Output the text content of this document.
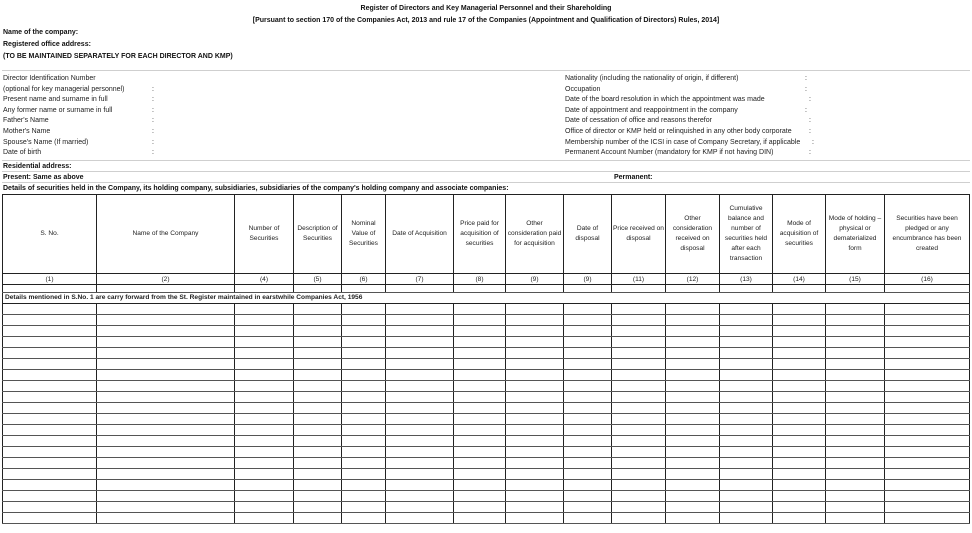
Register of Directors and Key Managerial Personnel and their Shareholding
[Pursuant to section 170 of the Companies Act, 2013 and rule 17 of the Companies (Appointment and Qualification of Directors) Rules, 2014]
Name of the company:
Registered office address:
(TO BE MAINTAINED SEPARATELY FOR EACH DIRECTOR AND KMP)
Director Identification Number
(optional for key managerial personnel)	:
Present name and surname in full	:
Any former name or surname in full	:
Father's Name	:
Mother's Name	:
Spouse's Name (If married)	:
Date of birth	:
Nationality (including the nationality of origin, if different)	:
Occupation	:
Date of the board resolution in which the appointment was made	:
Date of appointment and reappointment in the company	:
Date of cessation of office and reasons therefor	:
Office of director or KMP held or relinquished in any other body corporate :
Membership number of the ICSI in case of Company Secretary, if applicable :
Permanent Account Number (mandatory for KMP if not having DIN)	:
Residential address:
Present: Same as above	Permanent:
Details of securities held in the Company, its holding company, subsidiaries, subsidiaries of the company's holding company and associate companies:
S. No.	Name of the Company	Number of Securities	Description of Securities	Nominal Value of Securities	Date of Acquisition	Price paid for acquisition of securities	Other consideration paid for acquisition	Date of disposal	Price received on disposal	Other consideration received on disposal	Cumulative balance and number of securities held after each transaction	Mode of acquisition of securities	Mode of holding – physical or dematerialized form	Securities have been pledged or any encumbrance has been created
(1)	(2)	(4)	(5)	(6)	(7)	(8)	(9)	(9)	(11)	(12)	(13)	(14)	(15)	(16)

Details mentioned in S.No. 1 are carry forward from the St. Register maintained in earstwhile Companies Act, 1956														
